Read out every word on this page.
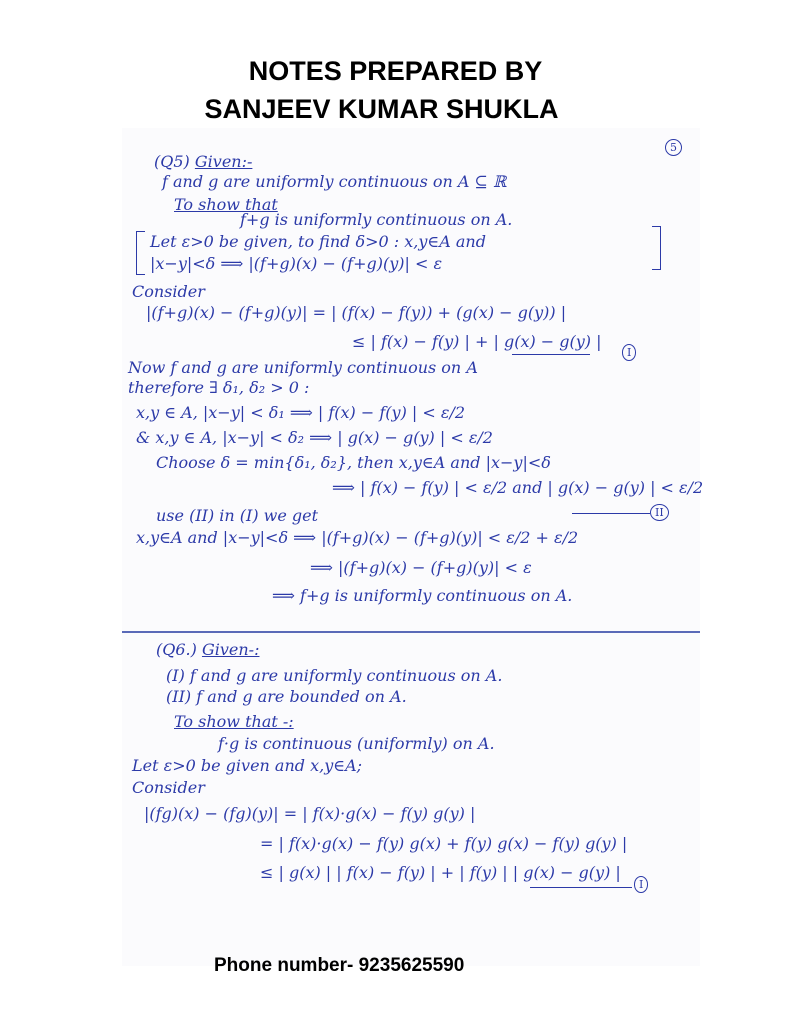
NOTES PREPARED BY

SANJEEV KUMAR SHUKLA
5
(Q5) Given:-
f and g are uniformly continuous on A ⊆ ℝ
To show that
f+g is uniformly continuous on A.
Let ε>0 be given, to find δ>0 : x,y∈A and
|x−y|<δ ⟹ |(f+g)(x) − (f+g)(y)| < ε
Consider
|(f+g)(x) − (f+g)(y)| = | (f(x) − f(y)) + (g(x) − g(y)) |
≤ | f(x) − f(y) | + | g(x) − g(y) |
I
Now f and g are uniformly continuous on A
therefore ∃ δ₁, δ₂ > 0 :
x,y ∈ A, |x−y| < δ₁ ⟹ | f(x) − f(y) | < ε/2
& x,y ∈ A, |x−y| < δ₂ ⟹ | g(x) − g(y) | < ε/2
Choose δ = min{δ₁, δ₂}, then x,y∈A and |x−y|<δ
⟹ | f(x) − f(y) | < ε/2 and | g(x) − g(y) | < ε/2
II
use (II) in (I) we get
x,y∈A and |x−y|<δ ⟹ |(f+g)(x) − (f+g)(y)| < ε/2 + ε/2
⟹ |(f+g)(x) − (f+g)(y)| < ε
⟹ f+g is uniformly continuous on A.
(Q6.) Given-:
(I) f and g are uniformly continuous on A.
(II) f and g are bounded on A.
To show that -:
f·g is continuous (uniformly) on A.
Let ε>0 be given and x,y∈A;
Consider
|(fg)(x) − (fg)(y)| = | f(x)·g(x) − f(y) g(y) |
= | f(x)·g(x) − f(y) g(x) + f(y) g(x) − f(y) g(y) |
≤ | g(x) | | f(x) − f(y) | + | f(y) | | g(x) − g(y) |
I
Phone number- 9235625590
